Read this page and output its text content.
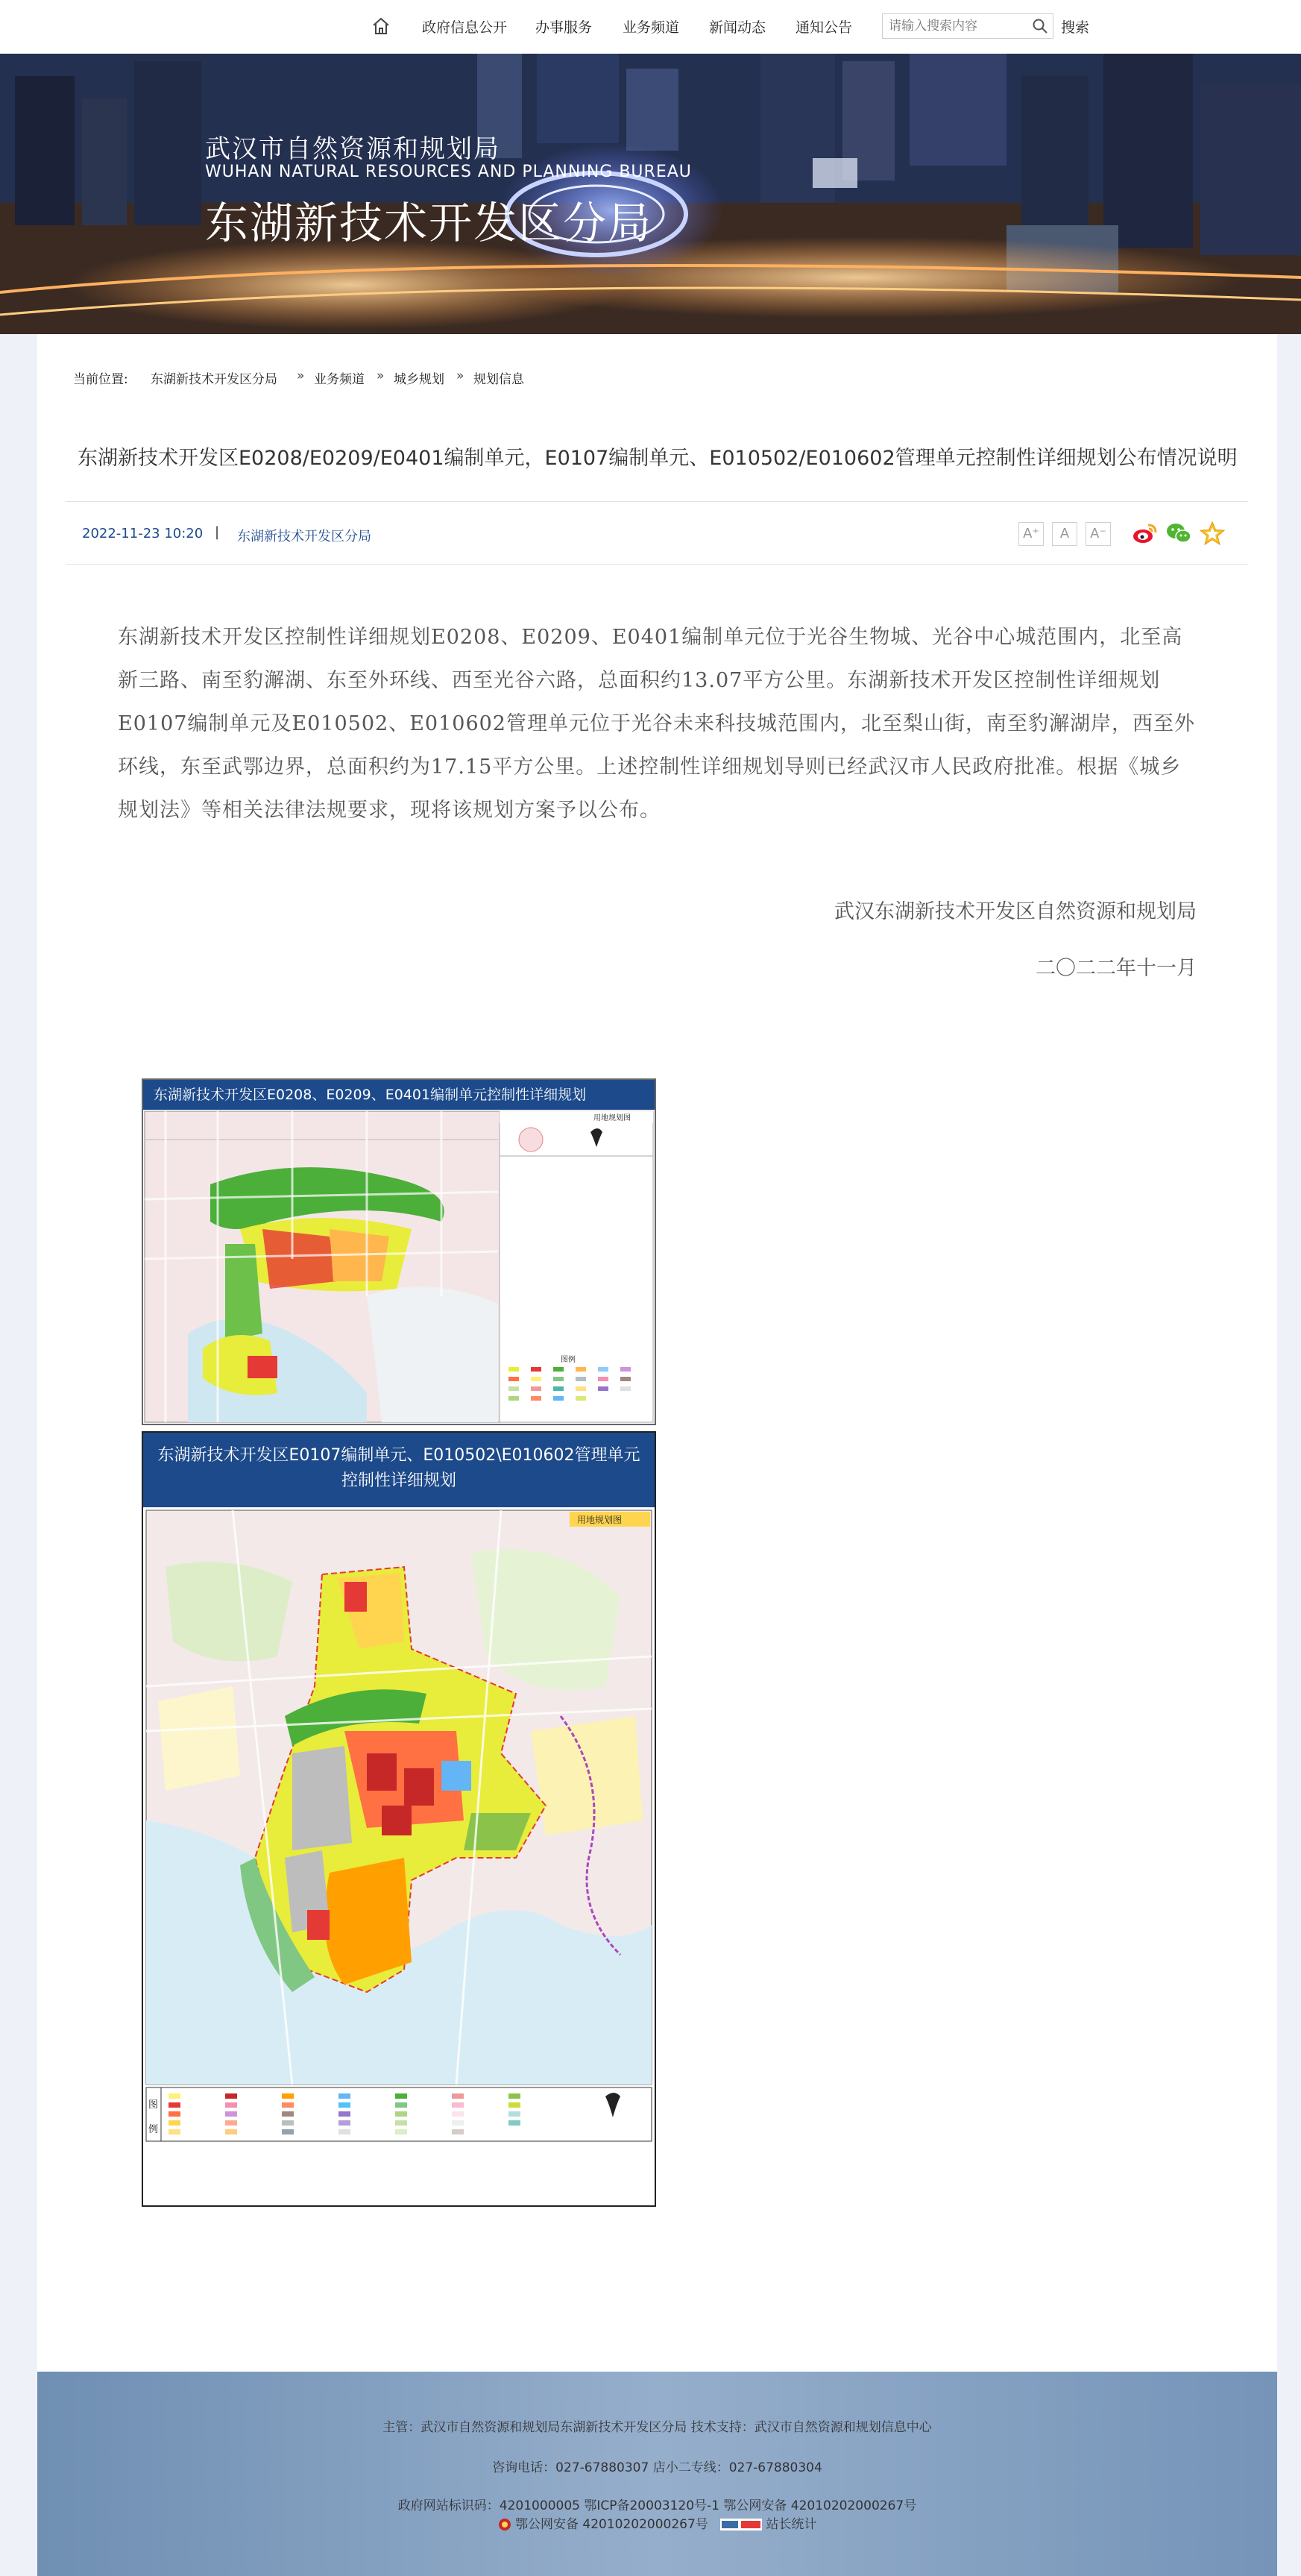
政府信息公开 办事服务 业务频道 新闻动态 通知公告
请输入搜索内容	搜索
武汉市自然资源和规划局
WUHAN NATURAL RESOURCES AND PLANNING BUREAU
东湖新技术开发区分局
当前位置: 东湖新技术开发区分局 » 业务频道 » 城乡规划 » 规划信息
东湖新技术开发区E0208/E0209/E0401编制单元，E0107编制单元、E010502/E010602管理单元控制性详细规划公布情况说明
2022-11-23 10:20 | 东湖新技术开发区分局	A⁺	A	A⁻
东湖新技术开发区控制性详细规划E0208、E0209、E0401编制单元位于光谷生物城、光谷中心城范围内，北至高新三路、南至豹澥湖、东至外环线、西至光谷六路，总面积约13.07平方公里。东湖新技术开发区控制性详细规划E0107编制单元及E010502、E010602管理单元位于光谷未来科技城范围内，北至梨山街，南至豹澥湖岸，西至外环线，东至武鄂边界，总面积约为17.15平方公里。上述控制性详细规划导则已经武汉市人民政府批准。根据《城乡规划法》等相关法律法规要求，现将该规划方案予以公布。
武汉东湖新技术开发区自然资源和规划局
二〇二二年十一月
东湖新技术开发区E0208、E0209、E0401编制单元控制性详细规划
用地规划图
图例
东湖新技术开发区E0107编制单元、E010502\E010602管理单元
控制性详细规划
用地规划图
图
例
主管：武汉市自然资源和规划局东湖新技术开发区分局 技术支持：武汉市自然资源和规划信息中心
咨询电话：027-67880307 店小二专线：027-67880304
政府网站标识码：4201000005 鄂ICP备20003120号-1 鄂公网安备 42010202000267号
鄂公网安备 42010202000267号	站长统计
